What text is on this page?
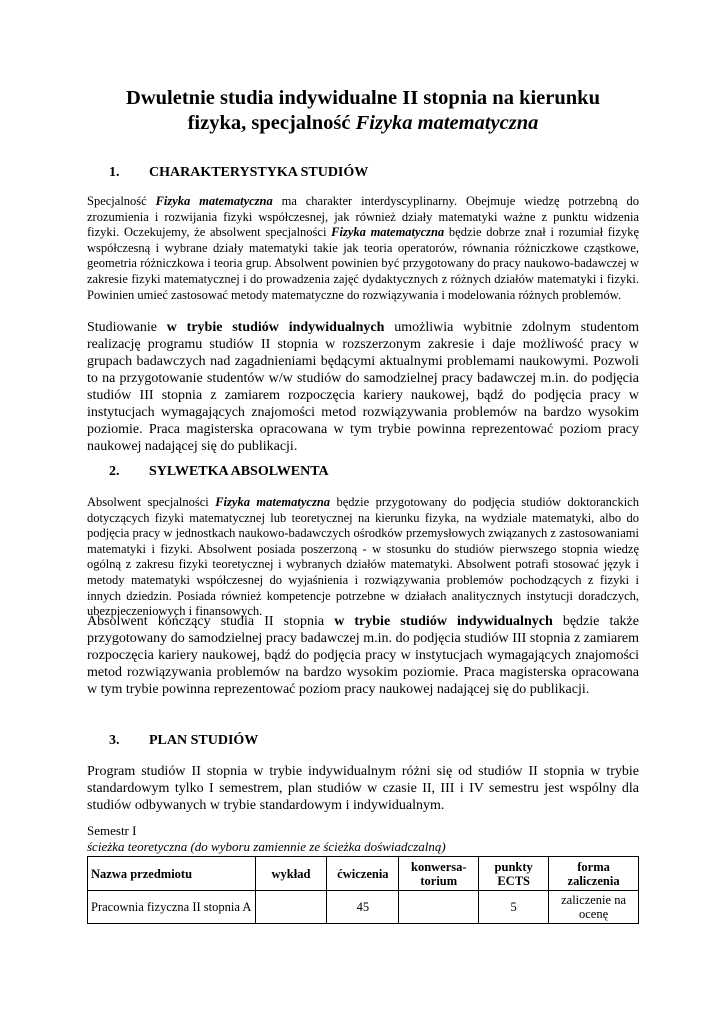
Dwuletnie studia indywidualne II stopnia na kierunku
fizyka, specjalność Fizyka matematyczna
1. CHARAKTERYSTYKA STUDIÓW
Specjalność Fizyka matematyczna ma charakter interdyscyplinarny. Obejmuje wiedzę potrzebną do zrozumienia i rozwijania fizyki współczesnej, jak również działy matematyki ważne z punktu widzenia fizyki. Oczekujemy, że absolwent specjalności Fizyka matematyczna będzie dobrze znał i rozumiał fizykę współczesną i wybrane działy matematyki takie jak teoria operatorów, równania różniczkowe cząstkowe, geometria różniczkowa i teoria grup. Absolwent powinien być przygotowany do pracy naukowo-badawczej w zakresie fizyki matematycznej i do prowadzenia zajęć dydaktycznych z różnych działów matematyki i fizyki. Powinien umieć zastosować metody matematyczne do rozwiązywania i modelowania różnych problemów.
Studiowanie w trybie studiów indywidualnych umożliwia wybitnie zdolnym studentom realizację programu studiów II stopnia w rozszerzonym zakresie i daje możliwość pracy w grupach badawczych nad zagadnieniami będącymi aktualnymi problemami naukowymi. Pozwoli to na przygotowanie studentów w/w studiów do samodzielnej pracy badawczej m.in. do podjęcia studiów III stopnia z zamiarem rozpoczęcia kariery naukowej, bądź do podjęcia pracy w instytucjach wymagających znajomości metod rozwiązywania problemów na bardzo wysokim poziomie. Praca magisterska opracowana w tym trybie powinna reprezentować poziom pracy naukowej nadającej się do publikacji.
2. SYLWETKA ABSOLWENTA
Absolwent specjalności Fizyka matematyczna będzie przygotowany do podjęcia studiów doktoranckich dotyczących fizyki matematycznej lub teoretycznej na kierunku fizyka, na wydziale matematyki, albo do podjęcia pracy w jednostkach naukowo-badawczych ośrodków przemysłowych związanych z zastosowaniami matematyki i fizyki. Absolwent posiada poszerzoną - w stosunku do studiów pierwszego stopnia wiedzę ogólną z zakresu fizyki teoretycznej i wybranych działów matematyki. Absolwent potrafi stosować język i metody matematyki współczesnej do wyjaśnienia i rozwiązywania problemów pochodzących z fizyki i innych dziedzin. Posiada również kompetencje potrzebne w działach analitycznych instytucji doradczych, ubezpieczeniowych i finansowych.
Absolwent kończący studia II stopnia w trybie studiów indywidualnych będzie także przygotowany do samodzielnej pracy badawczej m.in. do podjęcia studiów III stopnia z zamiarem rozpoczęcia kariery naukowej, bądź do podjęcia pracy w instytucjach wymagających znajomości metod rozwiązywania problemów na bardzo wysokim poziomie. Praca magisterska opracowana w tym trybie powinna reprezentować poziom pracy naukowej nadającej się do publikacji.
3. PLAN STUDIÓW
Program studiów II stopnia w trybie indywidualnym różni się od studiów II stopnia w trybie standardowym tylko I semestrem, plan studiów w czasie II, III i IV semestru jest wspólny dla studiów odbywanych w trybie standardowym i indywidualnym.
Semestr I
ścieżka teoretyczna (do wyboru zamiennie ze ścieżka doświadczalną)
Nazwa przedmiotu	wykład	ćwiczenia	konwersa-torium	punkty ECTS	forma zaliczenia
Pracownia fizyczna II stopnia A		45		5	zaliczenie na ocenę
